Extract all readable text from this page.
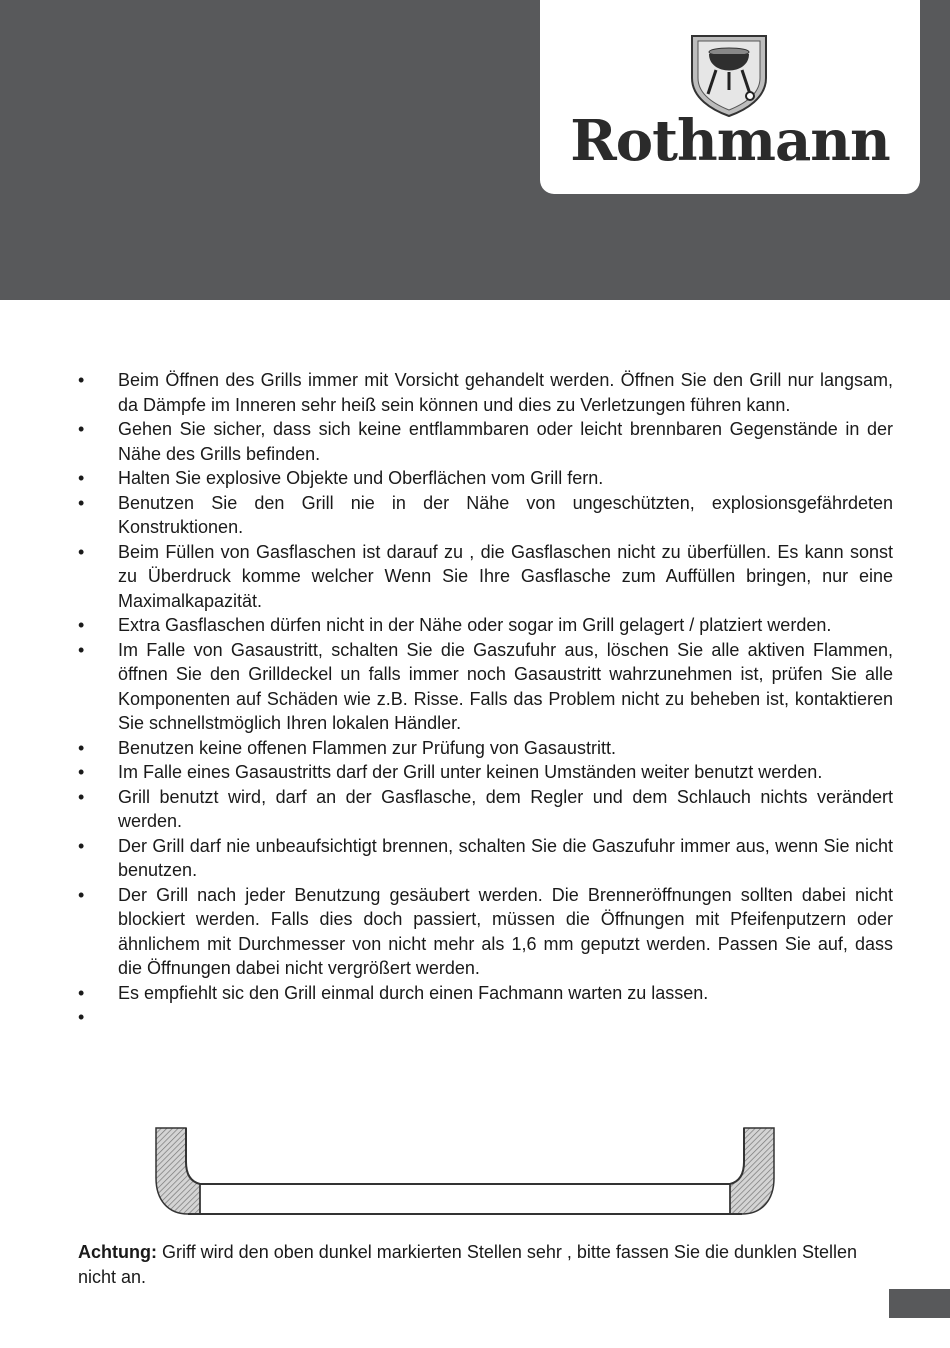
Rothmann
• Beim Öffnen des Grills immer mit Vorsicht gehandelt werden. Öffnen Sie den Grill nur langsam, da Dämpfe im Inneren sehr heiß sein können und dies zu Verletzungen führen kann.
• Gehen Sie sicher, dass sich keine entflammbaren oder leicht brennbaren Gegenstände in der Nähe des Grills befinden.
• Halten Sie explosive Objekte und Oberflächen vom Grill fern.
• Benutzen Sie den Grill nie in der Nähe von ungeschützten, explosionsgefährdeten Konstruktionen.
• Beim Füllen von Gasflaschen ist darauf zu , die Gasflaschen nicht zu überfüllen. Es kann sonst zu Überdruck komme welcher Wenn Sie Ihre Gasflasche zum Auffüllen bringen, nur eine Maximalkapazität.
• Extra Gasflaschen dürfen nicht in der Nähe oder sogar im Grill gelagert / platziert werden.
• Im Falle von Gasaustritt, schalten Sie die Gaszufuhr aus, löschen Sie alle aktiven Flammen, öffnen Sie den Grilldeckel un falls immer noch Gasaustritt wahrzunehmen ist, prüfen Sie alle Komponenten auf Schäden wie z.B. Risse. Falls das Problem nicht zu beheben ist, kontaktieren Sie schnellstmöglich Ihren lokalen Händler.
• Benutzen keine offenen Flammen zur Prüfung von Gasaustritt.
• Im Falle eines Gasaustritts darf der Grill unter keinen Umständen weiter benutzt werden.
• Grill benutzt wird, darf an der Gasflasche, dem Regler und dem Schlauch nichts verändert werden.
• Der Grill darf nie unbeaufsichtigt brennen, schalten Sie die Gaszufuhr immer aus, wenn Sie nicht benutzen.
• Der Grill nach jeder Benutzung gesäubert werden. Die Brenneröffnungen sollten dabei nicht blockiert werden. Falls dies doch passiert, müssen die Öffnungen mit Pfeifenputzern oder ähnlichem mit Durchmesser von nicht mehr als 1,6 mm geputzt werden. Passen Sie auf, dass die Öffnungen dabei nicht vergrößert werden.
• Es empfiehlt sic den Grill einmal durch einen Fachmann warten zu lassen.
•

Achtung: Griff wird den oben dunkel markierten Stellen sehr , bitte fassen Sie die dunklen Stellen nicht an.
